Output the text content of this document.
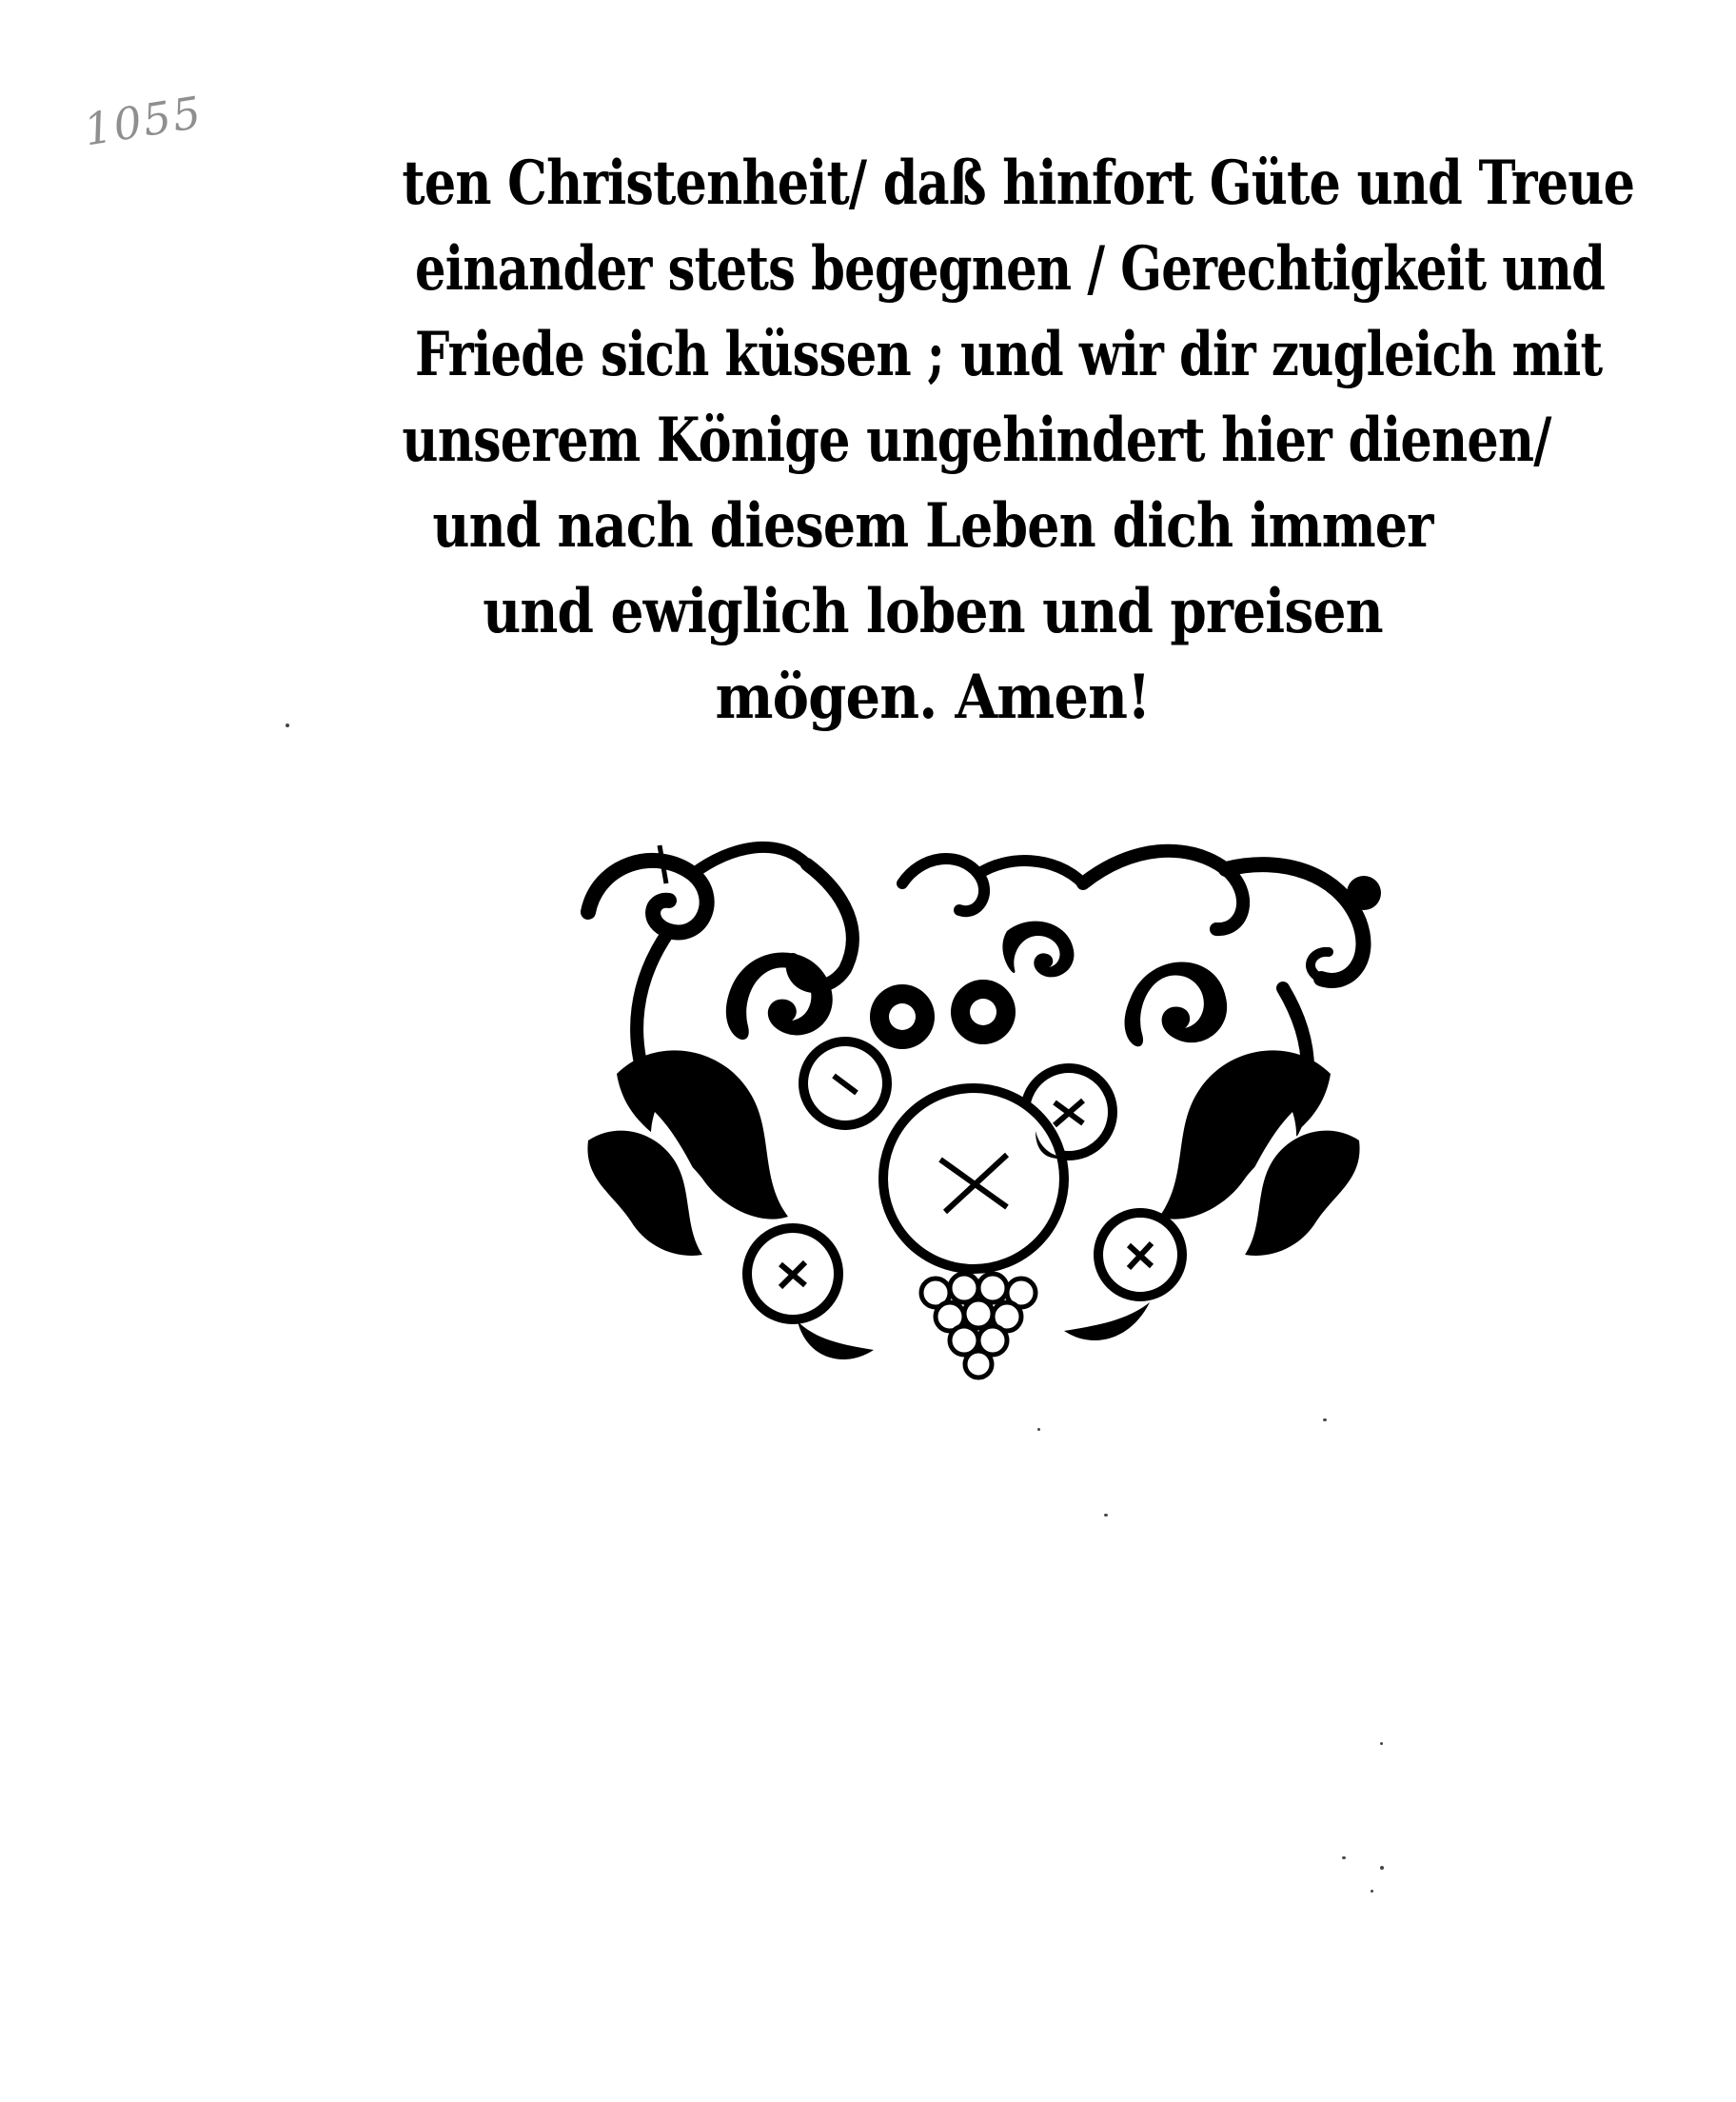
1055
ten Christenheit/ daß hinfort Güte und Treue
einander stets begegnen / Gerechtigkeit und
Friede sich küssen ; und wir dir zugleich mit
unserem Könige ungehindert hier dienen/
und nach diesem Leben dich immer
und ewiglich loben und preisen
mögen. Amen!
